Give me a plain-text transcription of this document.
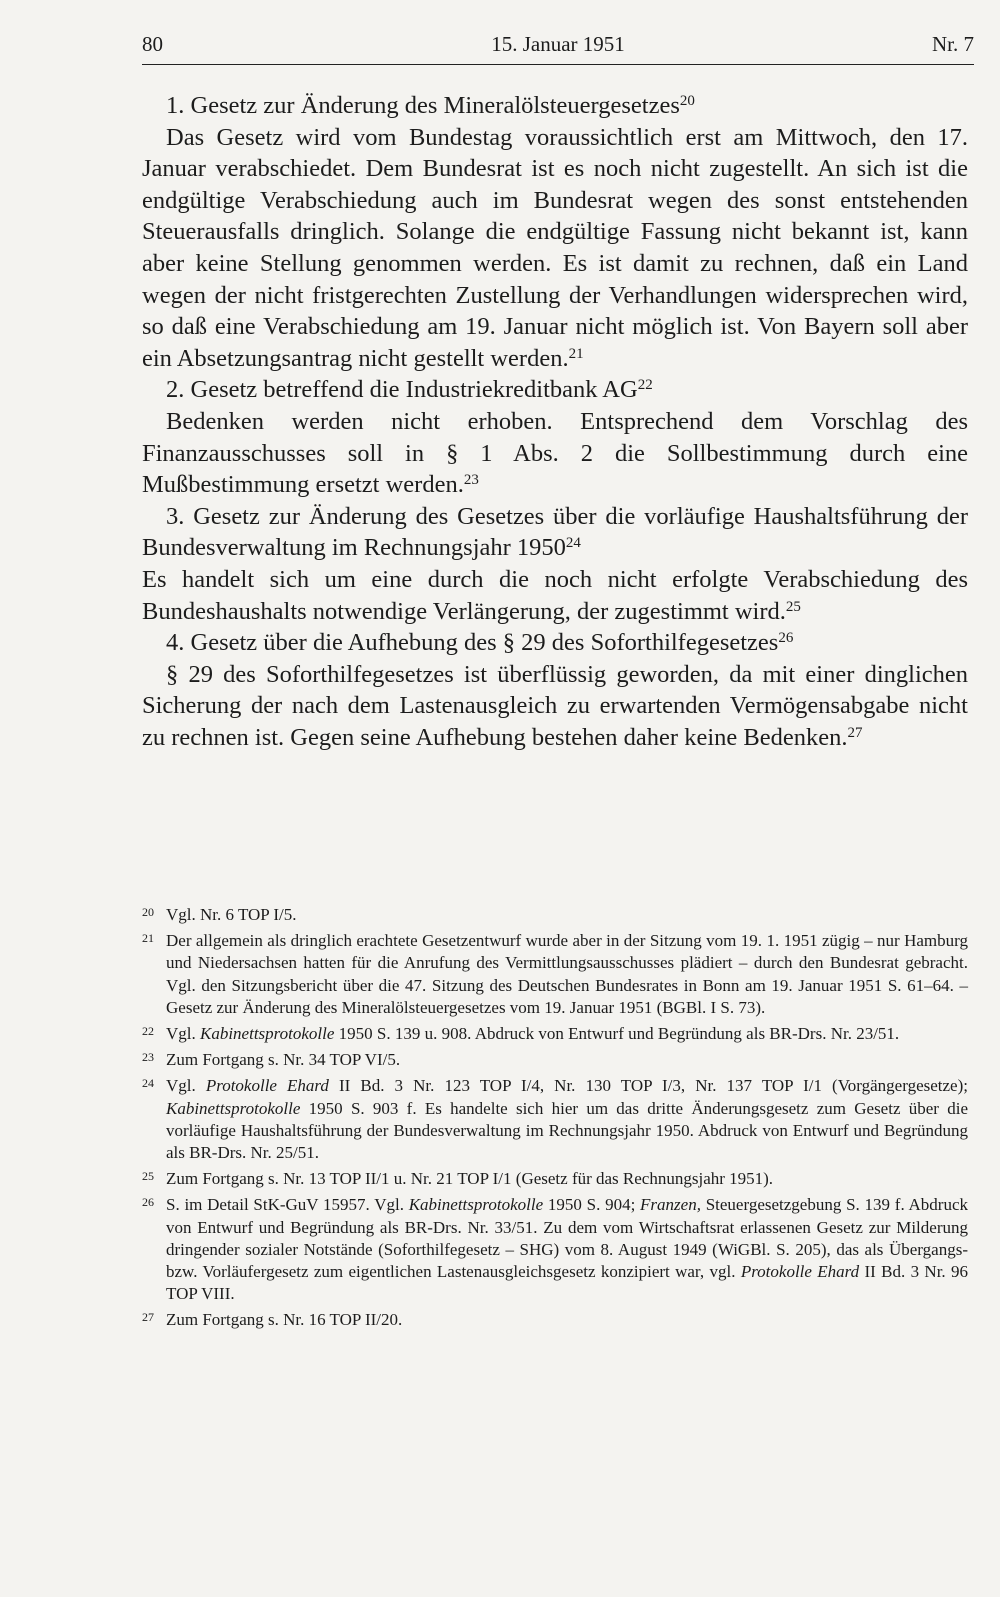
80	15. Januar 1951	Nr. 7

1. Gesetz zur Änderung des Mineralölsteuergesetzes$^{20}$

Das Gesetz wird vom Bundestag voraussichtlich erst am Mittwoch, den 17. Januar verabschiedet. Dem Bundesrat ist es noch nicht zugestellt. An sich ist die endgültige Verabschiedung auch im Bundesrat wegen des sonst entstehenden Steuerausfalls dringlich. Solange die endgültige Fassung nicht bekannt ist, kann aber keine Stellung genommen werden. Es ist damit zu rechnen, daß ein Land wegen der nicht fristgerechten Zustellung der Verhandlungen widersprechen wird, so daß eine Verabschiedung am 19. Januar nicht möglich ist. Von Bayern soll aber ein Absetzungsantrag nicht gestellt werden.$^{21}$

2. Gesetz betreffend die Industriekreditbank AG$^{22}$

Bedenken werden nicht erhoben. Entsprechend dem Vorschlag des Finanzausschusses soll in § 1 Abs. 2 die Sollbestimmung durch eine Mußbestimmung ersetzt werden.$^{23}$

3. Gesetz zur Änderung des Gesetzes über die vorläufige Haushaltsführung der Bundesverwaltung im Rechnungsjahr 1950$^{24}$

Es handelt sich um eine durch die noch nicht erfolgte Verabschiedung des Bundeshaushalts notwendige Verlängerung, der zugestimmt wird.$^{25}$

4. Gesetz über die Aufhebung des § 29 des Soforthilfegesetzes$^{26}$

§ 29 des Soforthilfegesetzes ist überflüssig geworden, da mit einer dinglichen Sicherung der nach dem Lastenausgleich zu erwartenden Vermögensabgabe nicht zu rechnen ist. Gegen seine Aufhebung bestehen daher keine Bedenken.$^{27}$

20 Vgl. Nr. 6 TOP I/5.
21 Der allgemein als dringlich erachtete Gesetzentwurf wurde aber in der Sitzung vom 19. 1. 1951 zügig – nur Hamburg und Niedersachsen hatten für die Anrufung des Vermittlungsausschusses plädiert – durch den Bundesrat gebracht. Vgl. den Sitzungsbericht über die 47. Sitzung des Deutschen Bundesrates in Bonn am 19. Januar 1951 S. 61–64. – Gesetz zur Änderung des Mineralölsteuergesetzes vom 19. Januar 1951 (BGBl. I S. 73).
22 Vgl. Kabinettsprotokolle 1950 S. 139 u. 908. Abdruck von Entwurf und Begründung als BR-Drs. Nr. 23/51.
23 Zum Fortgang s. Nr. 34 TOP VI/5.
24 Vgl. Protokolle Ehard II Bd. 3 Nr. 123 TOP I/4, Nr. 130 TOP I/3, Nr. 137 TOP I/1 (Vorgängergesetze); Kabinettsprotokolle 1950 S. 903 f. Es handelte sich hier um das dritte Änderungsgesetz zum Gesetz über die vorläufige Haushaltsführung der Bundesverwaltung im Rechnungsjahr 1950. Abdruck von Entwurf und Begründung als BR-Drs. Nr. 25/51.
25 Zum Fortgang s. Nr. 13 TOP II/1 u. Nr. 21 TOP I/1 (Gesetz für das Rechnungsjahr 1951).
26 S. im Detail StK-GuV 15957. Vgl. Kabinettsprotokolle 1950 S. 904; Franzen, Steuergesetzgebung S. 139 f. Abdruck von Entwurf und Begründung als BR-Drs. Nr. 33/51. Zu dem vom Wirtschaftsrat erlassenen Gesetz zur Milderung dringender sozialer Notstände (Soforthilfegesetz – SHG) vom 8. August 1949 (WiGBl. S. 205), das als Übergangs- bzw. Vorläufergesetz zum eigentlichen Lastenausgleichsgesetz konzipiert war, vgl. Protokolle Ehard II Bd. 3 Nr. 96 TOP VIII.
27 Zum Fortgang s. Nr. 16 TOP II/20.
